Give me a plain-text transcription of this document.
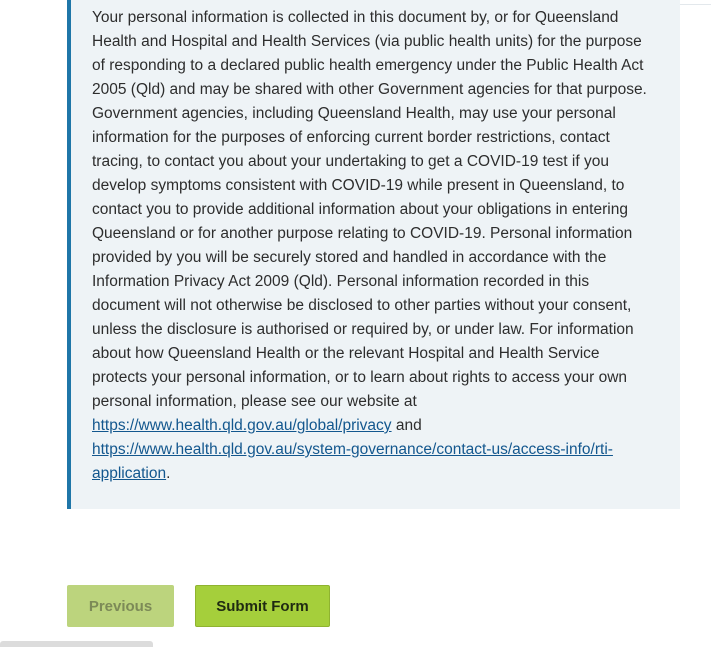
Your personal information is collected in this document by, or for Queensland Health and Hospital and Health Services (via public health units) for the purpose of responding to a declared public health emergency under the Public Health Act 2005 (Qld) and may be shared with other Government agencies for that purpose. Government agencies, including Queensland Health, may use your personal information for the purposes of enforcing current border restrictions, contact tracing, to contact you about your undertaking to get a COVID-19 test if you develop symptoms consistent with COVID-19 while present in Queensland, to contact you to provide additional information about your obligations in entering Queensland or for another purpose relating to COVID-19. Personal information provided by you will be securely stored and handled in accordance with the Information Privacy Act 2009 (Qld). Personal information recorded in this document will not otherwise be disclosed to other parties without your consent, unless the disclosure is authorised or required by, or under law. For information about how Queensland Health or the relevant Hospital and Health Service protects your personal information, or to learn about rights to access your own personal information, please see our website at https://www.health.qld.gov.au/global/privacy and https://www.health.qld.gov.au/system-governance/contact-us/access-info/rti-application.

Previous	Submit Form
